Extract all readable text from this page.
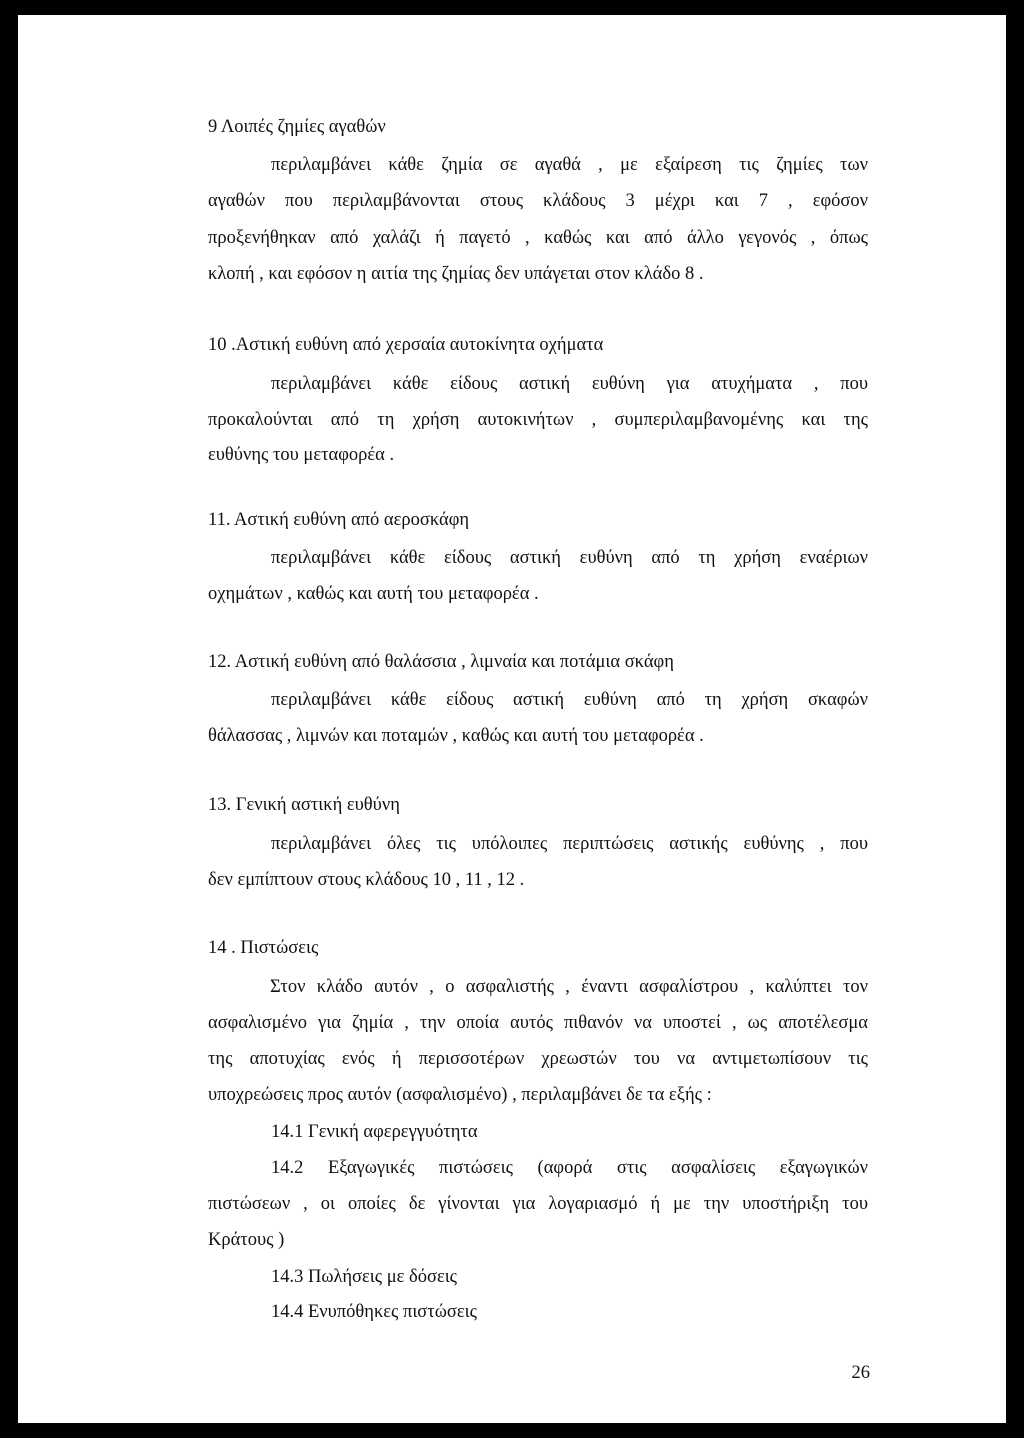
9 Λοιπές ζημίες αγαθών
περιλαμβάνει κάθε ζημία σε αγαθά , με εξαίρεση τις ζημίες των
αγαθών που περιλαμβάνονται στους κλάδους 3 μέχρι και 7 , εφόσον
προξενήθηκαν από χαλάζι ή παγετό , καθώς και από άλλο γεγονός , όπως
κλοπή , και εφόσον η αιτία της ζημίας δεν υπάγεται στον κλάδο 8 .
10 .Αστική ευθύνη από χερσαία αυτοκίνητα οχήματα
περιλαμβάνει κάθε είδους αστική ευθύνη για ατυχήματα , που
προκαλούνται από τη χρήση αυτοκινήτων , συμπεριλαμβανομένης και της
ευθύνης του μεταφορέα .
11. Αστική ευθύνη από αεροσκάφη
περιλαμβάνει κάθε είδους αστική ευθύνη από τη χρήση εναέριων
οχημάτων , καθώς και αυτή του μεταφορέα .
12. Αστική ευθύνη από θαλάσσια , λιμναία και ποτάμια σκάφη
περιλαμβάνει κάθε είδους αστική ευθύνη από τη χρήση σκαφών
θάλασσας , λιμνών και ποταμών , καθώς και αυτή του μεταφορέα .
13. Γενική αστική ευθύνη
περιλαμβάνει όλες τις υπόλοιπες περιπτώσεις αστικής ευθύνης , που
δεν εμπίπτουν στους κλάδους 10 , 11 , 12 .
14 . Πιστώσεις
Στον κλάδο αυτόν , ο ασφαλιστής , έναντι ασφαλίστρου , καλύπτει τον
ασφαλισμένο για ζημία , την οποία αυτός πιθανόν να υποστεί , ως αποτέλεσμα
της αποτυχίας ενός ή περισσοτέρων χρεωστών του να αντιμετωπίσουν τις
υποχρεώσεις προς αυτόν (ασφαλισμένο) , περιλαμβάνει δε τα εξής :
14.1 Γενική αφερεγγυότητα
14.2 Εξαγωγικές πιστώσεις (αφορά στις ασφαλίσεις εξαγωγικών
πιστώσεων , οι οποίες δε γίνονται για λογαριασμό ή με την υποστήριξη του
Κράτους )
14.3 Πωλήσεις με δόσεις
14.4 Ενυπόθηκες πιστώσεις
26
